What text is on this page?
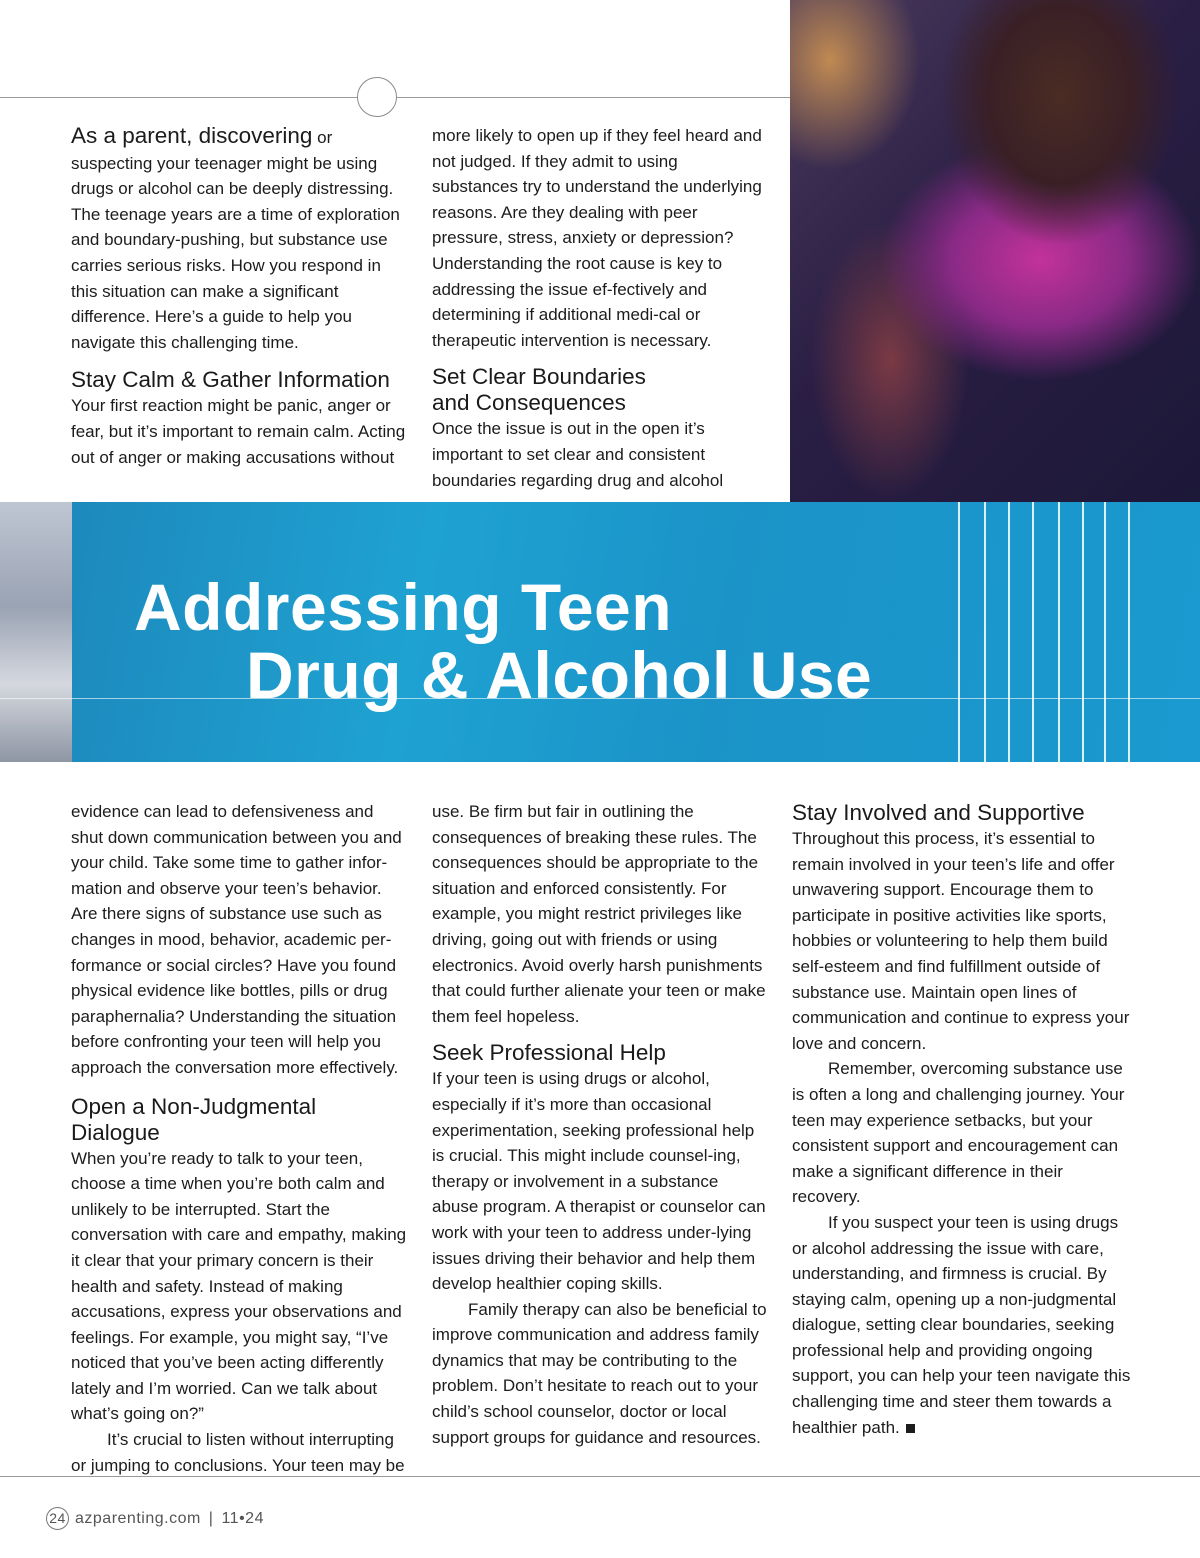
As a parent, discovering or suspecting your teenager might be using drugs or alcohol can be deeply distressing. The teenage years are a time of exploration and boundary-pushing, but substance use carries serious risks. How you respond in this situation can make a significant difference. Here’s a guide to help you navigate this challenging time.

Stay Calm & Gather Information

Your first reaction might be panic, anger or fear, but it’s important to remain calm. Acting out of anger or making accusations without

more likely to open up if they feel heard and not judged. If they admit to using substances try to understand the underlying reasons. Are they dealing with peer pressure, stress, anxiety or depression? Understanding the root cause is key to addressing the issue ef-fectively and determining if additional medi-cal or therapeutic intervention is necessary.

Set Clear Boundaries
and Consequences

Once the issue is out in the open it’s important to set clear and consistent boundaries regarding drug and alcohol

Addressing Teen
Drug & Alcohol Use

evidence can lead to defensiveness and shut down communication between you and your child. Take some time to gather infor-mation and observe your teen’s behavior. Are there signs of substance use such as changes in mood, behavior, academic per-formance or social circles? Have you found physical evidence like bottles, pills or drug paraphernalia? Understanding the situation before confronting your teen will help you approach the conversation more effectively.

Open a Non-Judgmental Dialogue

When you’re ready to talk to your teen, choose a time when you’re both calm and unlikely to be interrupted. Start the conversation with care and empathy, making it clear that your primary concern is their health and safety. Instead of making accusations, express your observations and feelings. For example, you might say, “I’ve noticed that you’ve been acting differently lately and I’m worried. Can we talk about what’s going on?”

It’s crucial to listen without interrupting or jumping to conclusions. Your teen may be

use. Be firm but fair in outlining the consequences of breaking these rules. The consequences should be appropriate to the situation and enforced consistently. For example, you might restrict privileges like driving, going out with friends or using electronics. Avoid overly harsh punishments that could further alienate your teen or make them feel hopeless.

Seek Professional Help

If your teen is using drugs or alcohol, especially if it’s more than occasional experimentation, seeking professional help is crucial. This might include counsel-ing, therapy or involvement in a substance abuse program. A therapist or counselor can work with your teen to address under-lying issues driving their behavior and help them develop healthier coping skills.

Family therapy can also be beneficial to improve communication and address family dynamics that may be contributing to the problem. Don’t hesitate to reach out to your child’s school counselor, doctor or local support groups for guidance and resources.

Stay Involved and Supportive

Throughout this process, it’s essential to remain involved in your teen’s life and offer unwavering support. Encourage them to participate in positive activities like sports, hobbies or volunteering to help them build self-esteem and find fulfillment outside of substance use. Maintain open lines of communication and continue to express your love and concern.

Remember, overcoming substance use is often a long and challenging journey. Your teen may experience setbacks, but your consistent support and encouragement can make a significant difference in their recovery.

If you suspect your teen is using drugs or alcohol addressing the issue with care, understanding, and firmness is crucial. By staying calm, opening up a non-judgmental dialogue, setting clear boundaries, seeking professional help and providing ongoing support, you can help your teen navigate this challenging time and steer them towards a healthier path.

24 azparenting.com | 11•24
